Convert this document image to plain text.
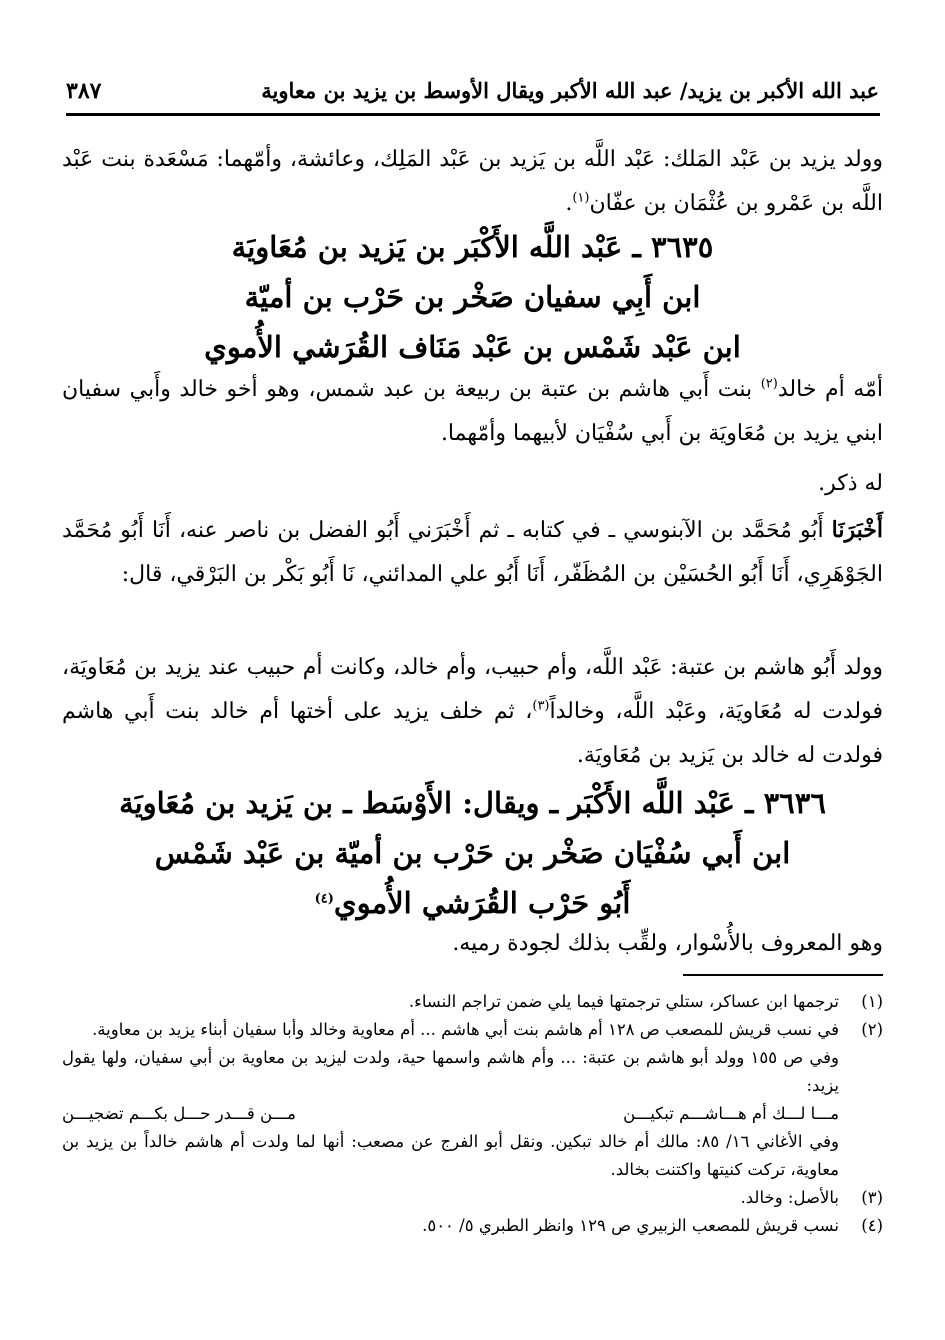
عبد الله الأكبر بن يزيد/ عبد الله الأكبر ويقال الأوسط بن يزيد بن معاوية
٣٨٧
وولد يزيد بن عَبْد المَلك: عَبْد اللَّه بن يَزيد بن عَبْد المَلِك، وعائشة، وأمّهما: مَسْعَدة بنت عَبْد اللَّه بن عَمْرو بن عُثْمَان بن عفّان$^{(١)}$.
٣٦٣٥ ـ عَبْد اللَّه الأَكْبَر بن يَزيد بن مُعَاويَة
ابن أَبِي سفيان صَخْر بن حَرْب بن أميّة
ابن عَبْد شَمْس بن عَبْد مَنَاف القُرَشي الأُموي
أمّه أم خالد$^{(٢)}$ بنت أَبي هاشم بن عتبة بن ربيعة بن عبد شمس، وهو أخو خالد وأَبي سفيان ابني يزيد بن مُعَاويَة بن أَبي سُفْيَان لأبيهما وأمّهما.
له ذكر.
أَخْبَرَنَا أَبُو مُحَمَّد بن الآبنوسي ـ في كتابه ـ ثم أَخْبَرَني أَبُو الفضل بن ناصر عنه، أَنَا أَبُو مُحَمَّد الجَوْهَرِي، أَنَا أَبُو الحُسَيْن بن المُظَفّر، أَنَا أَبُو علي المدائني، نَا أَبُو بَكْر بن البَرْقي، قال:
وولد أَبُو هاشم بن عتبة: عَبْد اللَّه، وأم حبيب، وأم خالد، وكانت أم حبيب عند يزيد بن مُعَاويَة، فولدت له مُعَاويَة، وعَبْد اللَّه، وخالداً$^{(٣)}$، ثم خلف يزيد على أختها أم خالد بنت أَبي هاشم فولدت له خالد بن يَزيد بن مُعَاويَة.
٣٦٣٦ ـ عَبْد اللَّه الأَكْبَر ـ ويقال: الأَوْسَط ـ بن يَزيد بن مُعَاويَة
ابن أَبي سُفْيَان صَخْر بن حَرْب بن أميّة بن عَبْد شَمْس
أَبُو حَرْب القُرَشي الأُموي$^{(٤)}$
وهو المعروف بالأُسْوار، ولقِّب بذلك لجودة رميه.
(١)

ترجمها ابن عساكر، ستلي ترجمتها فيما يلي ضمن تراجم النساء.

(٢)

في نسب قريش للمصعب ص ١٢٨ أم هاشم بنت أبي هاشم ... أم معاوية وخالد وأبا سفيان أبناء يزيد بن معاوية.

وفي ص ١٥٥ وولد أبو هاشم بن عتبة: ... وأم هاشم واسمها حية، ولدت ليزيد بن معاوية بن أبي سفيان، ولها يقول يزيد:

مـــا لـــك أم هـــاشـــم تبكيـــن
مـــن قـــدر حـــل بكـــم تضجيـــن

وفي الأغاني ١٦/ ٨٥: مالك أم خالد تبكين. ونقل أبو الفرج عن مصعب: أنها لما ولدت أم هاشم خالداً بن يزيد بن معاوية، تركت كنيتها واكتنت بخالد.

(٣)

بالأصل: وخالد.

(٤)

نسب قريش للمصعب الزبيري ص ١٢٩ وانظر الطبري ٥/ ٥٠٠.
